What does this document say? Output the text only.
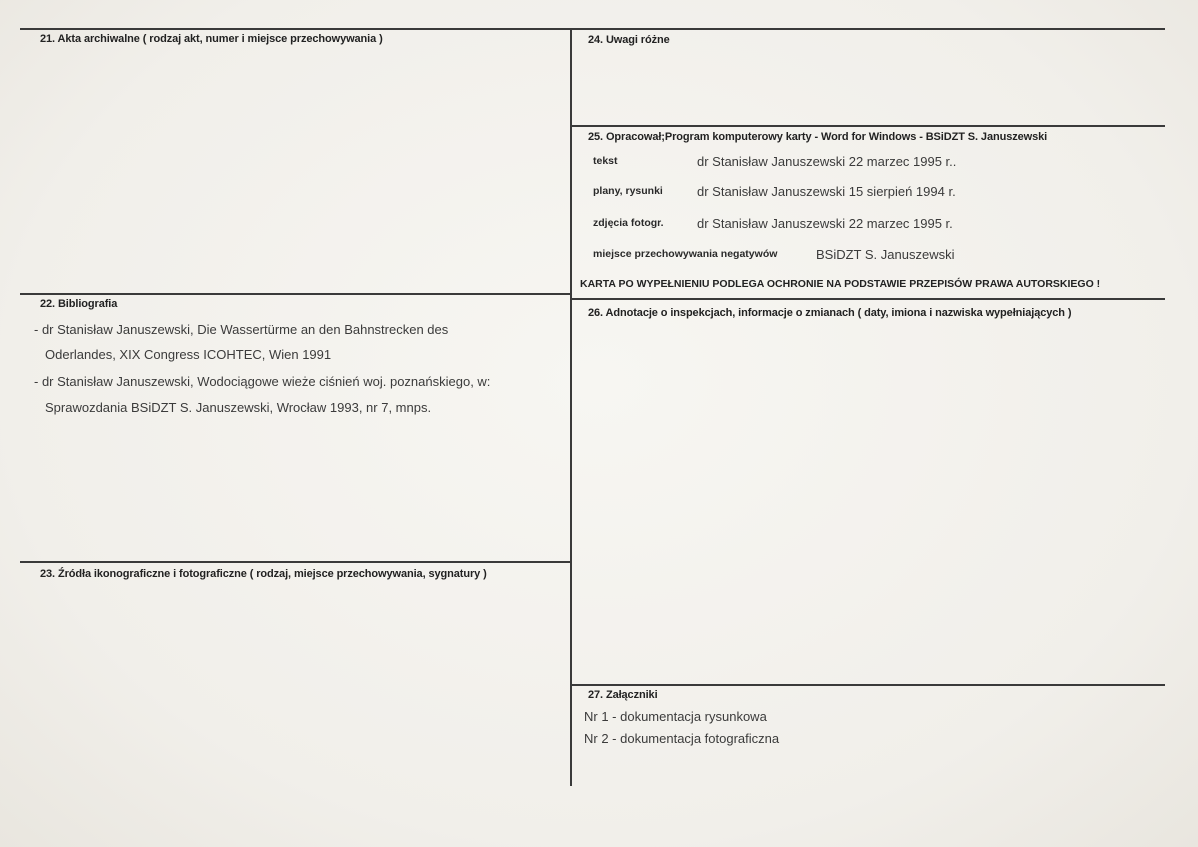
21. Akta archiwalne ( rodzaj akt, numer i miejsce przechowywania )
22. Bibliografia
- dr Stanisław Januszewski, Die Wassertürme an den Bahnstrecken des
Oderlandes, XIX Congress ICOHTEC, Wien 1991
- dr Stanisław Januszewski, Wodociągowe wieże ciśnień woj. poznańskiego, w:
Sprawozdania BSiDZT S. Januszewski, Wrocław 1993, nr 7, mnps.
23. Źródła ikonograficzne i fotograficzne ( rodzaj, miejsce przechowywania, sygnatury )
24. Uwagi różne
25. Opracował;Program komputerowy karty - Word for Windows - BSiDZT S. Januszewski
tekst	dr Stanisław Januszewski 22 marzec 1995 r..
plany, rysunki	dr Stanisław Januszewski 15 sierpień 1994 r.
zdjęcia fotogr.	dr Stanisław Januszewski 22 marzec 1995 r.
miejsce przechowywania negatywów	BSiDZT S. Januszewski
KARTA PO WYPEŁNIENIU PODLEGA OCHRONIE NA PODSTAWIE PRZEPISÓW PRAWA AUTORSKIEGO !
26. Adnotacje o inspekcjach, informacje o zmianach ( daty, imiona i nazwiska wypełniających )
27. Załączniki
Nr 1 - dokumentacja rysunkowa
Nr 2 - dokumentacja fotograficzna
